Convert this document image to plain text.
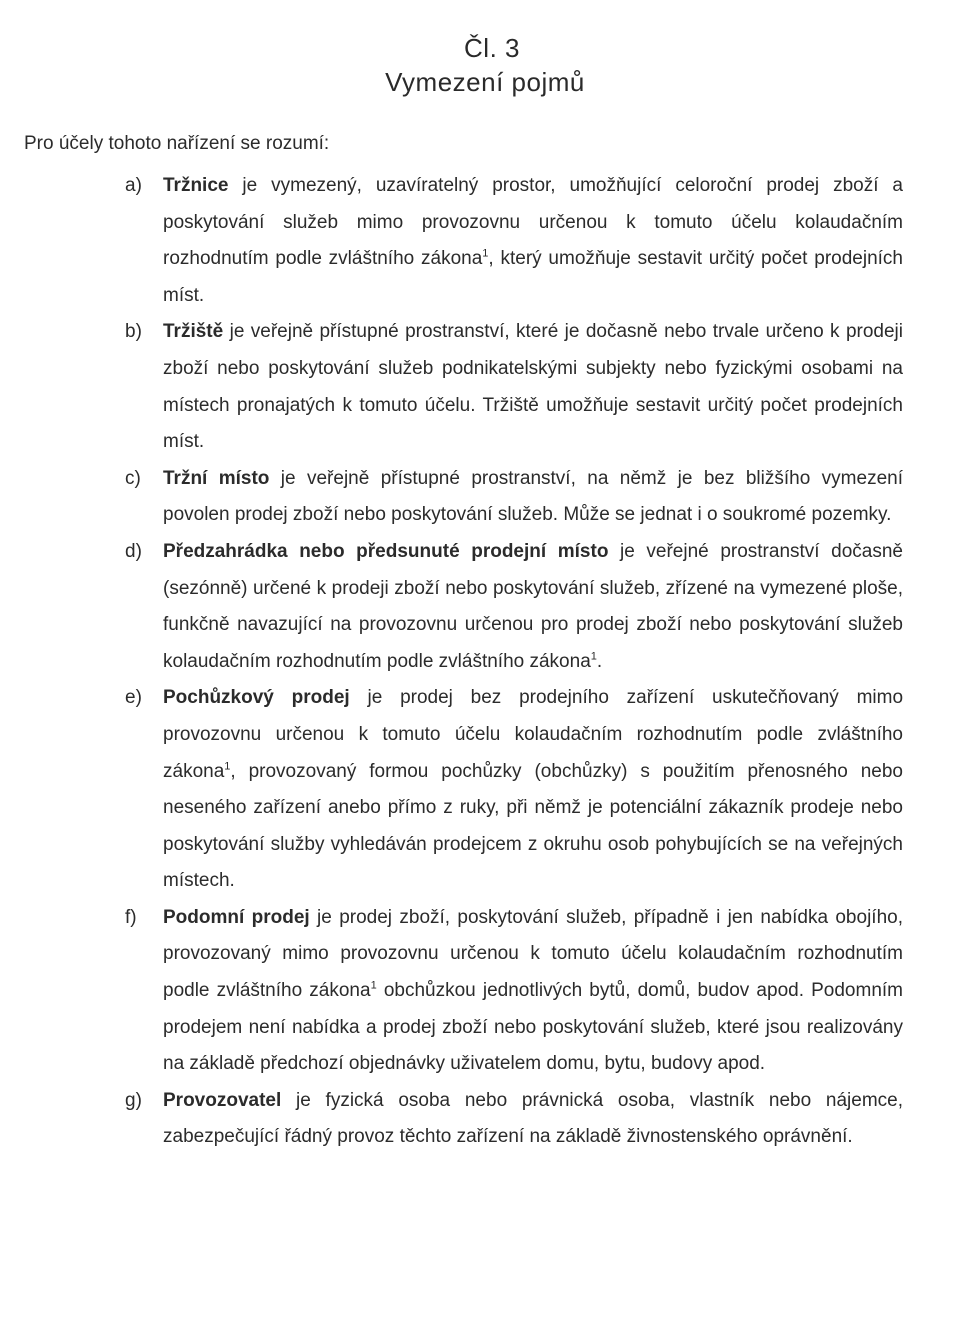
Čl. 3
Vymezení pojmů
Pro účely tohoto nařízení se rozumí:
a) Tržnice je vymezený, uzavíratelný prostor, umožňující celoroční prodej zboží a poskytování služeb mimo provozovnu určenou k tomuto účelu kolaudačním rozhodnutím podle zvláštního zákona$^1$, který umožňuje sestavit určitý počet prodejních míst.
b) Tržiště je veřejně přístupné prostranství, které je dočasně nebo trvale určeno k prodeji zboží nebo poskytování služeb podnikatelskými subjekty nebo fyzickými osobami na místech pronajatých k tomuto účelu. Tržiště umožňuje sestavit určitý počet prodejních míst.
c) Tržní místo je veřejně přístupné prostranství, na němž je bez bližšího vymezení povolen prodej zboží nebo poskytování služeb. Může se jednat i o soukromé pozemky.
d) Předzahrádka nebo předsunuté prodejní místo je veřejné prostranství dočasně (sezónně) určené k prodeji zboží nebo poskytování služeb, zřízené na vymezené ploše, funkčně navazující na provozovnu určenou pro prodej zboží nebo poskytování služeb kolaudačním rozhodnutím podle zvláštního zákona$^1$.
e) Pochůzkový prodej je prodej bez prodejního zařízení uskutečňovaný mimo provozovnu určenou k tomuto účelu kolaudačním rozhodnutím podle zvláštního zákona$^1$, provozovaný formou pochůzky (obchůzky) s použitím přenosného nebo neseného zařízení anebo přímo z ruky, při němž je potenciální zákazník prodeje nebo poskytování služby vyhledáván prodejcem z okruhu osob pohybujících se na veřejných místech.
f) Podomní prodej je prodej zboží, poskytování služeb, případně i jen nabídka obojího, provozovaný mimo provozovnu určenou k tomuto účelu kolaudačním rozhodnutím podle zvláštního zákona$^1$ obchůzkou jednotlivých bytů, domů, budov apod. Podomním prodejem není nabídka a prodej zboží nebo poskytování služeb, které jsou realizovány na základě předchozí objednávky uživatelem domu, bytu, budovy apod.
g) Provozovatel je fyzická osoba nebo právnická osoba, vlastník nebo nájemce, zabezpečující řádný provoz těchto zařízení na základě živnostenského oprávnění.
